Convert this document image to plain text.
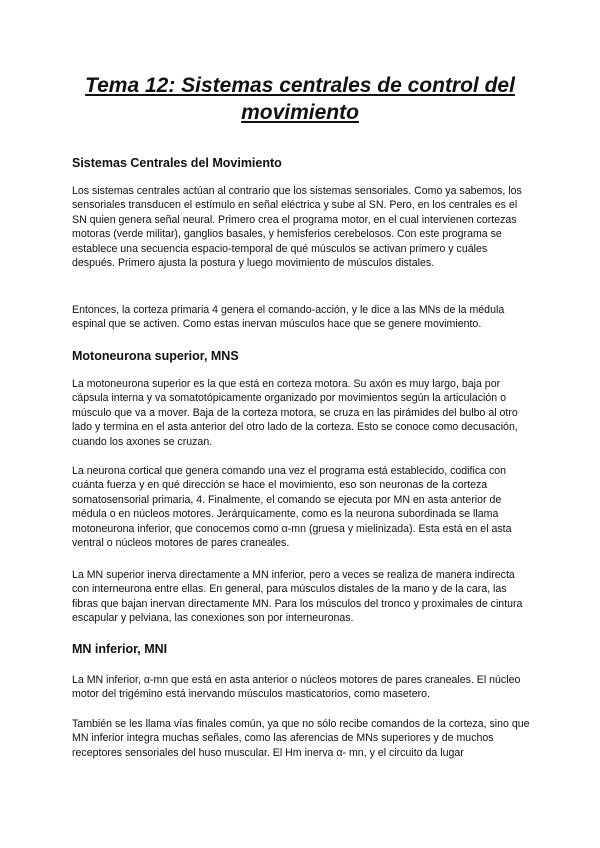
Tema 12: Sistemas centrales de control del
movimiento
Sistemas Centrales del Movimiento

Los sistemas centrales actúan al contrario que los sistemas sensoriales. Como ya sabemos, los sensoriales transducen el estímulo en señal eléctrica y sube al SN. Pero, en los centrales es el SN quien genera señal neural. Primero crea el programa motor, en el cual intervienen cortezas motoras (verde militar), ganglios basales, y hemisferios cerebelosos. Con este programa se establece una secuencia espacio-temporal de qué músculos se activan primero y cuáles después. Primero ajusta la postura y luego movimiento de músculos distales.

Entonces, la corteza primaria 4 genera el comando-acción, y le dice a las MNs de la médula espinal que se activen. Como estas inervan músculos hace que se genere movimiento.

Motoneurona superior, MNS

La motoneurona superior es la que está en corteza motora. Su axón es muy largo, baja por cápsula interna y va somatotópicamente organizado por movimientos según la articulación o músculo que va a mover. Baja de la corteza motora, se cruza en las pirámides del bulbo al otro lado y termina en el asta anterior del otro lado de la corteza. Esto se conoce como decusación, cuando los axones se cruzan.

La neurona cortical que genera comando una vez el programa está establecido, codifica con cuánta fuerza y en qué dirección se hace el movimiento, eso son neuronas de la corteza somatosensorial primaria, 4. Finalmente, el comando se ejecuta por MN en asta anterior de médula o en núcleos motores. Jerárquicamente, como es la neurona subordinada se llama motoneurona inferior, que conocemos como α-mn (gruesa y mielinizada). Esta está en el asta ventral o núcleos motores de pares craneales.

La MN superior inerva directamente a MN inferior, pero a veces se realiza de manera indirecta con interneurona entre ellas. En general, para músculos distales de la mano y de la cara, las fibras que bajan inervan directamente MN. Para los músculos del tronco y proximales de cintura escapular y pelviana, las conexiones son por interneuronas.

MN inferior, MNI

La MN inferior, α-mn que está en asta anterior o núcleos motores de pares craneales. El núcleo motor del trigémino está inervando músculos masticatorios, como masetero.

También se les llama vías finales común, ya que no sólo recibe comandos de la corteza, sino que MN inferior integra muchas señales, como las aferencias de MNs superiores y de muchos receptores sensoriales del huso muscular. El Hm inerva α- mn, y el circuito da lugar
